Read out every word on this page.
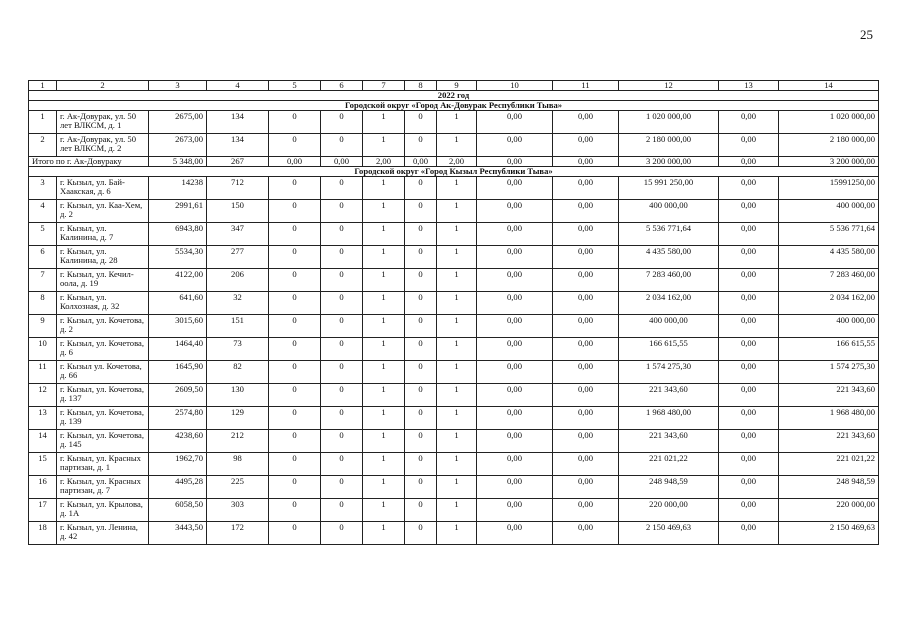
25
1	2	3	4	5	6	7	8	9	10	11	12	13	14
2022 год													
Городской округ «Город Ак-Довурак Республики Тыва»													
1	г. Ак-Довурак, ул. 50 лет ВЛКСМ, д. 1	2675,00	134	0	0	1	0	1	0,00	0,00	1 020 000,00	0,00	1 020 000,00
2	г. Ак-Довурак, ул. 50 лет ВЛКСМ, д. 2	2673,00	134	0	0	1	0	1	0,00	0,00	2 180 000,00	0,00	2 180 000,00
Итого по г. Ак-Довураку		5 348,00	267	0,00	0,00	2,00	0,00	2,00	0,00	0,00	3 200 000,00	0,00	3 200 000,00
Городской округ «Город Кызыл Республики Тыва»													
3	г. Кызыл, ул. Бай-Хаакская, д. 6	14238	712	0	0	1	0	1	0,00	0,00	15 991 250,00	0,00	15991250,00
4	г. Кызыл, ул. Каа-Хем, д. 2	2991,61	150	0	0	1	0	1	0,00	0,00	400 000,00	0,00	400 000,00
5	г. Кызыл, ул. Калинина, д. 7	6943,80	347	0	0	1	0	1	0,00	0,00	5 536 771,64	0,00	5 536 771,64
6	г. Кызыл, ул. Калинина, д. 28	5534,30	277	0	0	1	0	1	0,00	0,00	4 435 580,00	0,00	4 435 580,00
7	г. Кызыл, ул. Кечил-оола, д. 19	4122,00	206	0	0	1	0	1	0,00	0,00	7 283 460,00	0,00	7 283 460,00
8	г. Кызыл, ул. Колхозная, д. 32	641,60	32	0	0	1	0	1	0,00	0,00	2 034 162,00	0,00	2 034 162,00
9	г. Кызыл, ул. Кочетова, д. 2	3015,60	151	0	0	1	0	1	0,00	0,00	400 000,00	0,00	400 000,00
10	г. Кызыл, ул. Кочетова, д. 6	1464,40	73	0	0	1	0	1	0,00	0,00	166 615,55	0,00	166 615,55
11	г. Кызыл ул. Кочетова, д. 66	1645,90	82	0	0	1	0	1	0,00	0,00	1 574 275,30	0,00	1 574 275,30
12	г. Кызыл, ул. Кочетова, д. 137	2609,50	130	0	0	1	0	1	0,00	0,00	221 343,60	0,00	221 343,60
13	г. Кызыл, ул. Кочетова, д. 139	2574,80	129	0	0	1	0	1	0,00	0,00	1 968 480,00	0,00	1 968 480,00
14	г. Кызыл, ул. Кочетова, д. 145	4238,60	212	0	0	1	0	1	0,00	0,00	221 343,60	0,00	221 343,60
15	г. Кызыл, ул. Красных партизан, д. 1	1962,70	98	0	0	1	0	1	0,00	0,00	221 021,22	0,00	221 021,22
16	г. Кызыл, ул. Красных партизан, д. 7	4495,28	225	0	0	1	0	1	0,00	0,00	248 948,59	0,00	248 948,59
17	г. Кызыл, ул. Крылова, д. 1А	6058,50	303	0	0	1	0	1	0,00	0,00	220 000,00	0,00	220 000,00
18	г. Кызыл, ул. Ленина, д. 42	3443,50	172	0	0	1	0	1	0,00	0,00	2 150 469,63	0,00	2 150 469,63
